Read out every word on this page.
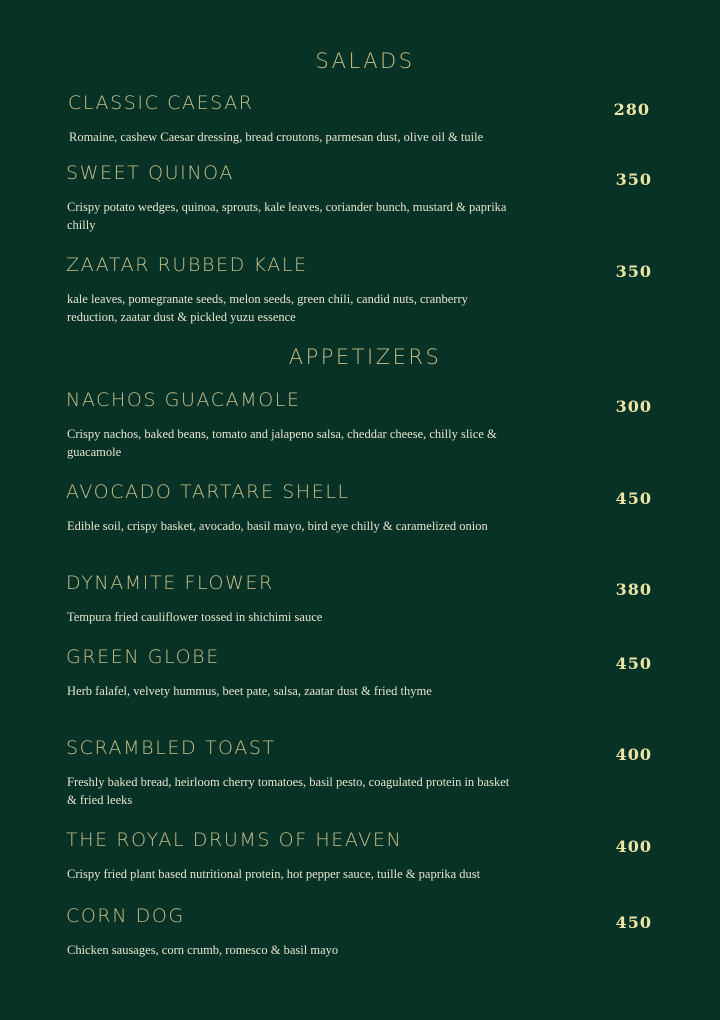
SALADS
CLASSIC CAESAR	280
Romaine, cashew Caesar dressing, bread croutons, parmesan dust, olive oil & tuile
SWEET QUINOA	350
Crispy potato wedges, quinoa, sprouts, kale leaves, coriander bunch, mustard & paprika chilly
ZAATAR RUBBED KALE	350
kale leaves, pomegranate seeds, melon seeds, green chili, candid nuts, cranberry reduction, zaatar dust & pickled yuzu essence
APPETIZERS
NACHOS GUACAMOLE	300
Crispy nachos, baked beans, tomato and jalapeno salsa, cheddar cheese, chilly slice & guacamole
AVOCADO TARTARE SHELL	450
Edible soil, crispy basket, avocado, basil mayo, bird eye chilly & caramelized onion
DYNAMITE FLOWER	380
Tempura fried cauliflower tossed in shichimi sauce
GREEN GLOBE	450
Herb falafel, velvety hummus, beet pate, salsa, zaatar dust & fried thyme
SCRAMBLED TOAST	400
Freshly baked bread, heirloom cherry tomatoes, basil pesto, coagulated protein in basket & fried leeks
THE ROYAL DRUMS OF HEAVEN	400
Crispy fried plant based nutritional protein, hot pepper sauce, tuille & paprika dust
CORN DOG	450
Chicken sausages, corn crumb, romesco & basil mayo
